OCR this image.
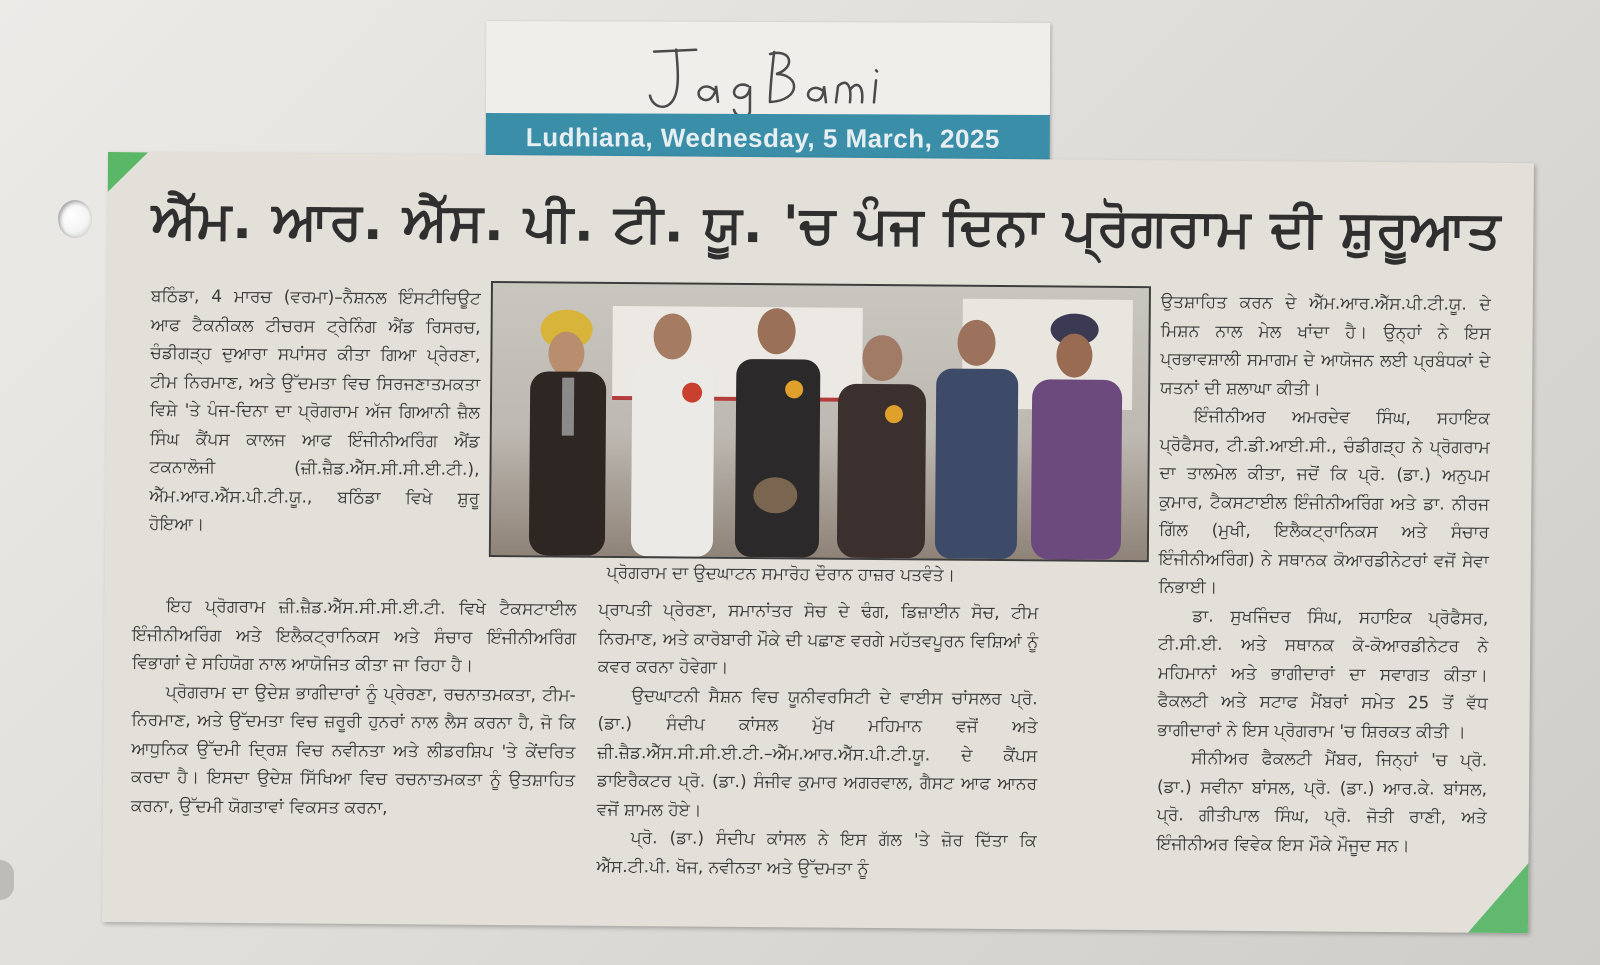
Ludhiana, Wednesday, 5 March, 2025
ਐੱਮ. ਆਰ. ਐੱਸ. ਪੀ. ਟੀ. ਯੂ. 'ਚ ਪੰਜ ਦਿਨਾ ਪ੍ਰੋਗਰਾਮ ਦੀ ਸ਼ੁਰੂਆਤ

ਬਠਿੰਡਾ, 4 ਮਾਰਚ (ਵਰਮਾ)–ਨੈਸ਼ਨਲ ਇੰਸਟੀਚਿਊਟ ਆਫ ਟੈਕਨੀਕਲ ਟੀਚਰਸ ਟ੍ਰੇਨਿੰਗ ਐਂਡ ਰਿਸਰਚ, ਚੰਡੀਗੜ੍ਹ ਦੁਆਰਾ ਸਪਾਂਸਰ ਕੀਤਾ ਗਿਆ ਪ੍ਰੇਰਣਾ, ਟੀਮ ਨਿਰਮਾਣ, ਅਤੇ ਉੱਦਮਤਾ ਵਿਚ ਸਿਰਜਣਾਤਮਕਤਾ ਵਿਸ਼ੇ 'ਤੇ ਪੰਜ-ਦਿਨਾ ਦਾ ਪ੍ਰੋਗਰਾਮ ਅੱਜ ਗਿਆਨੀ ਜ਼ੈਲ ਸਿੰਘ ਕੈਂਪਸ ਕਾਲਜ ਆਫ ਇੰਜੀਨੀਅਰਿੰਗ ਐਂਡ ਟਕਨਾਲੋਜੀ (ਜ਼ੀ.ਜ਼ੈਡ.ਐੱਸ.ਸੀ.ਸੀ.ਈ.ਟੀ.), ਐੱਮ.ਆਰ.ਐੱਸ.ਪੀ.ਟੀ.ਯੂ., ਬਠਿੰਡਾ ਵਿਖੇ ਸ਼ੁਰੂ ਹੋਇਆ।

ਇਹ ਪ੍ਰੋਗਰਾਮ ਜ਼ੀ.ਜ਼ੈਡ.ਐੱਸ.ਸੀ.ਸੀ.ਈ.ਟੀ. ਵਿਖੇ ਟੈਕਸਟਾਈਲ ਇੰਜੀਨੀਅਰਿੰਗ ਅਤੇ ਇਲੈਕਟ੍ਰਾਨਿਕਸ ਅਤੇ ਸੰਚਾਰ ਇੰਜੀਨੀਅਰਿੰਗ ਵਿਭਾਗਾਂ ਦੇ ਸਹਿਯੋਗ ਨਾਲ ਆਯੋਜਿਤ ਕੀਤਾ ਜਾ ਰਿਹਾ ਹੈ।

ਪ੍ਰੋਗਰਾਮ ਦਾ ਉਦੇਸ਼ ਭਾਗੀਦਾਰਾਂ ਨੂੰ ਪ੍ਰੇਰਣਾ, ਰਚਨਾਤਮਕਤਾ, ਟੀਮ-ਨਿਰਮਾਣ, ਅਤੇ ਉੱਦਮਤਾ ਵਿਚ ਜ਼ਰੂਰੀ ਹੁਨਰਾਂ ਨਾਲ ਲੈਸ ਕਰਨਾ ਹੈ, ਜੋ ਕਿ ਆਧੁਨਿਕ ਉੱਦਮੀ ਦ੍ਰਿਸ਼ ਵਿਚ ਨਵੀਨਤਾ ਅਤੇ ਲੀਡਰਸ਼ਿਪ 'ਤੇ ਕੇਂਦਰਿਤ ਕਰਦਾ ਹੈ। ਇਸਦਾ ਉਦੇਸ਼ ਸਿੱਖਿਆ ਵਿਚ ਰਚਨਾਤਮਕਤਾ ਨੂੰ ਉਤਸ਼ਾਹਿਤ ਕਰਨਾ, ਉੱਦਮੀ ਯੋਗਤਾਵਾਂ ਵਿਕਸਤ ਕਰਨਾ,

ਪ੍ਰੋਗਰਾਮ ਦਾ ਉਦਘਾਟਨ ਸਮਾਰੋਹ ਦੌਰਾਨ ਹਾਜ਼ਰ ਪਤਵੰਤੇ।

ਪ੍ਰਾਪਤੀ ਪ੍ਰੇਰਣਾ, ਸਮਾਨਾਂਤਰ ਸੋਚ ਦੇ ਢੰਗ, ਡਿਜ਼ਾਈਨ ਸੋਚ, ਟੀਮ ਨਿਰਮਾਣ, ਅਤੇ ਕਾਰੋਬਾਰੀ ਮੌਕੇ ਦੀ ਪਛਾਣ ਵਰਗੇ ਮਹੱਤਵਪੂਰਨ ਵਿਸ਼ਿਆਂ ਨੂੰ ਕਵਰ ਕਰਨਾ ਹੋਵੇਗਾ।

ਉਦਘਾਟਨੀ ਸੈਸ਼ਨ ਵਿਚ ਯੂਨੀਵਰਸਿਟੀ ਦੇ ਵਾਈਸ ਚਾਂਸਲਰ ਪ੍ਰੋ. (ਡਾ.) ਸੰਦੀਪ ਕਾਂਸਲ ਮੁੱਖ ਮਹਿਮਾਨ ਵਜੋਂ ਅਤੇ ਜ਼ੀ.ਜ਼ੈਡ.ਐੱਸ.ਸੀ.ਸੀ.ਈ.ਟੀ.–ਐੱਮ.ਆਰ.ਐੱਸ.ਪੀ.ਟੀ.ਯੂ. ਦੇ ਕੈਂਪਸ ਡਾਇਰੈਕਟਰ ਪ੍ਰੋ. (ਡਾ.) ਸੰਜੀਵ ਕੁਮਾਰ ਅਗਰਵਾਲ, ਗੈਸਟ ਆਫ ਆਨਰ ਵਜੋਂ ਸ਼ਾਮਲ ਹੋਏ।

ਪ੍ਰੋ. (ਡਾ.) ਸੰਦੀਪ ਕਾਂਸਲ ਨੇ ਇਸ ਗੱਲ 'ਤੇ ਜ਼ੋਰ ਦਿੱਤਾ ਕਿ ਐੱਸ.ਟੀ.ਪੀ. ਖੋਜ, ਨਵੀਨਤਾ ਅਤੇ ਉੱਦਮਤਾ ਨੂੰ

ਉਤਸ਼ਾਹਿਤ ਕਰਨ ਦੇ ਐੱਮ.ਆਰ.ਐੱਸ.ਪੀ.ਟੀ.ਯੂ. ਦੇ ਮਿਸ਼ਨ ਨਾਲ ਮੇਲ ਖਾਂਦਾ ਹੈ। ਉਨ੍ਹਾਂ ਨੇ ਇਸ ਪ੍ਰਭਾਵਸ਼ਾਲੀ ਸਮਾਗਮ ਦੇ ਆਯੋਜਨ ਲਈ ਪ੍ਰਬੰਧਕਾਂ ਦੇ ਯਤਨਾਂ ਦੀ ਸ਼ਲਾਘਾ ਕੀਤੀ।

ਇੰਜੀਨੀਅਰ ਅਮਰਦੇਵ ਸਿੰਘ, ਸਹਾਇਕ ਪ੍ਰੋਫੈਸਰ, ਟੀ.ਡੀ.ਆਈ.ਸੀ., ਚੰਡੀਗੜ੍ਹ ਨੇ ਪ੍ਰੋਗਰਾਮ ਦਾ ਤਾਲਮੇਲ ਕੀਤਾ, ਜਦੋਂ ਕਿ ਪ੍ਰੋ. (ਡਾ.) ਅਨੁਪਮ ਕੁਮਾਰ, ਟੈਕਸਟਾਈਲ ਇੰਜੀਨੀਅਰਿੰਗ ਅਤੇ ਡਾ. ਨੀਰਜ ਗਿੱਲ (ਮੁਖੀ, ਇਲੈਕਟ੍ਰਾਨਿਕਸ ਅਤੇ ਸੰਚਾਰ ਇੰਜੀਨੀਅਰਿੰਗ) ਨੇ ਸਥਾਨਕ ਕੋਆਰਡੀਨੇਟਰਾਂ ਵਜੋਂ ਸੇਵਾ ਨਿਭਾਈ।

ਡਾ. ਸੁਖਜਿੰਦਰ ਸਿੰਘ, ਸਹਾਇਕ ਪ੍ਰੋਫੈਸਰ, ਟੀ.ਸੀ.ਈ. ਅਤੇ ਸਥਾਨਕ ਕੋ-ਕੋਆਰਡੀਨੇਟਰ ਨੇ ਮਹਿਮਾਨਾਂ ਅਤੇ ਭਾਗੀਦਾਰਾਂ ਦਾ ਸਵਾਗਤ ਕੀਤਾ। ਫੈਕਲਟੀ ਅਤੇ ਸਟਾਫ ਮੈਂਬਰਾਂ ਸਮੇਤ 25 ਤੋਂ ਵੱਧ ਭਾਗੀਦਾਰਾਂ ਨੇ ਇਸ ਪ੍ਰੋਗਰਾਮ 'ਚ ਸ਼ਿਰਕਤ ਕੀਤੀ ।

ਸੀਨੀਅਰ ਫੈਕਲਟੀ ਮੈਂਬਰ, ਜਿਨ੍ਹਾਂ 'ਚ ਪ੍ਰੋ. (ਡਾ.) ਸਵੀਨਾ ਬਾਂਸਲ, ਪ੍ਰੋ. (ਡਾ.) ਆਰ.ਕੇ. ਬਾਂਸਲ, ਪ੍ਰੋ. ਗੀਤੀਪਾਲ ਸਿੰਘ, ਪ੍ਰੋ. ਜੋਤੀ ਰਾਣੀ, ਅਤੇ ਇੰਜੀਨੀਅਰ ਵਿਵੇਕ ਇਸ ਮੌਕੇ ਮੌਜੂਦ ਸਨ।
